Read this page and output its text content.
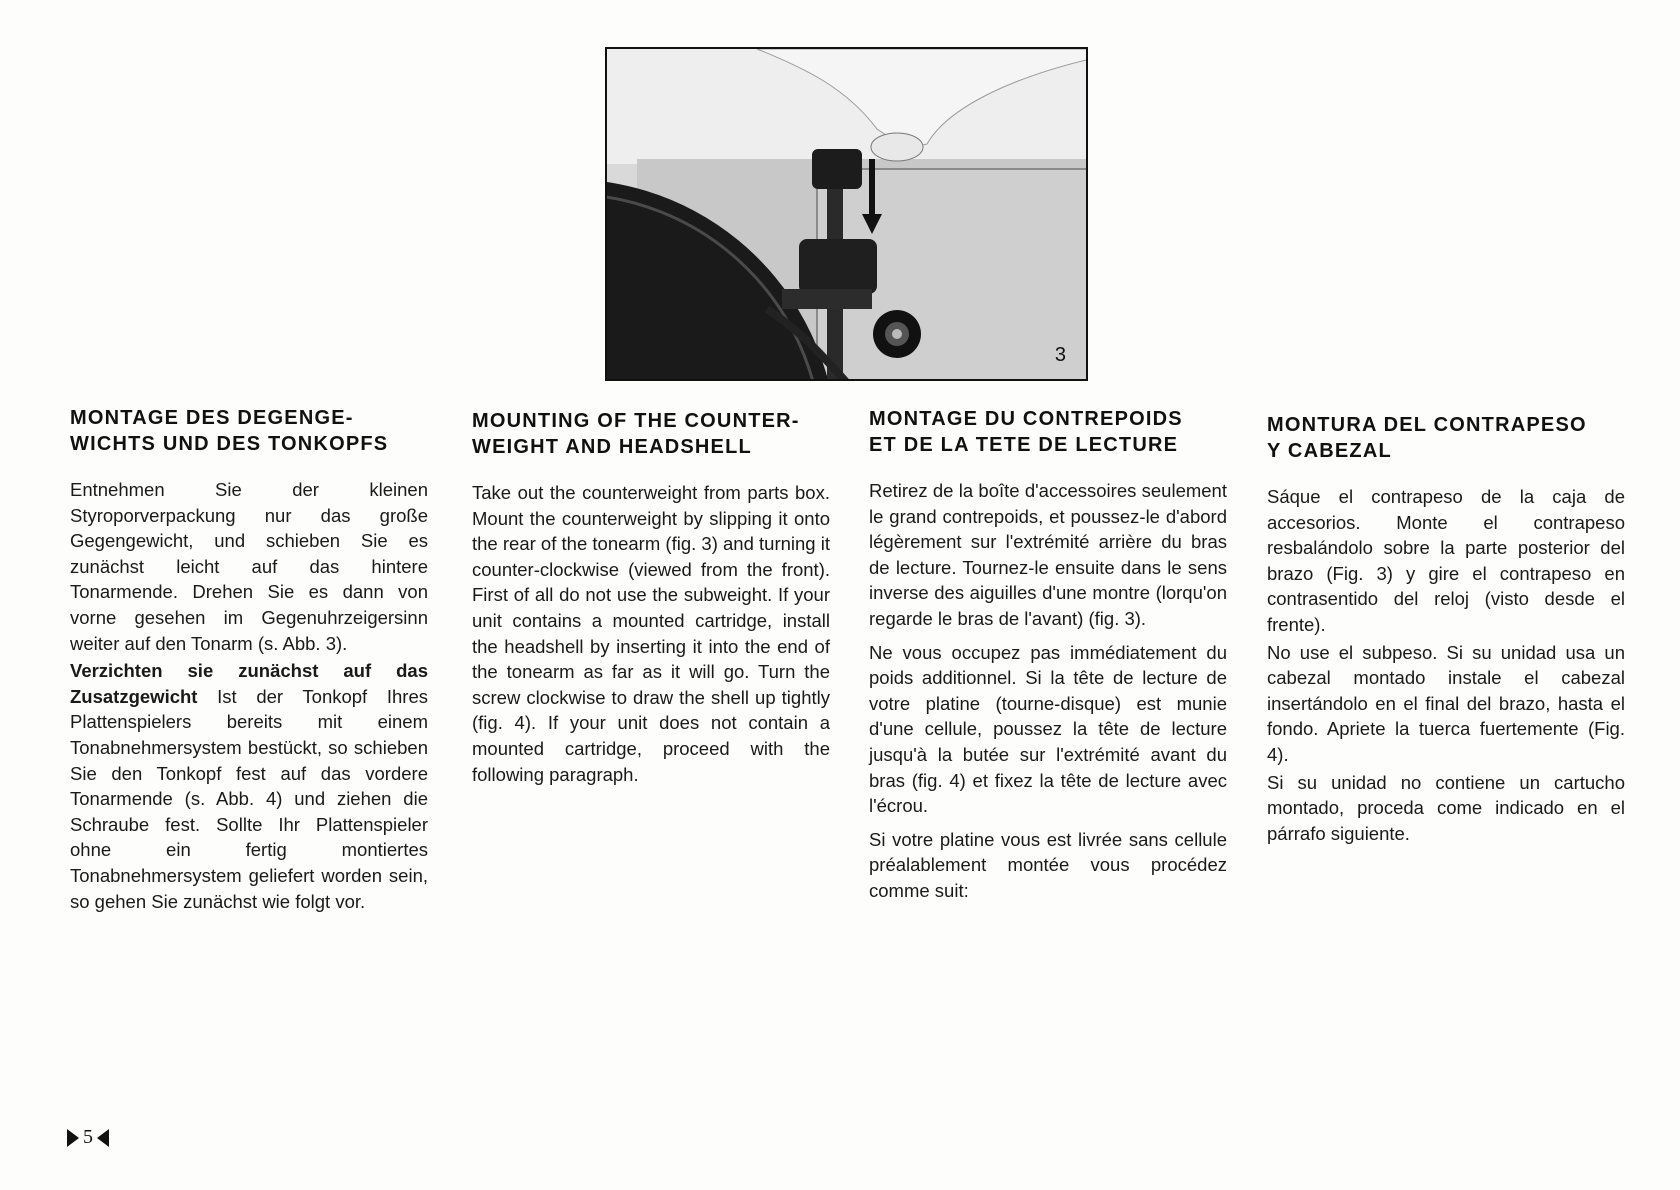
3
MONTAGE DES DEGENGE-
WICHTS UND DES TONKOPFS

Entnehmen Sie der kleinen Styroporverpackung nur das große Gegengewicht, und schieben Sie es zunächst leicht auf das hintere Tonarmende. Drehen Sie es dann von vorne gesehen im Gegenuhrzeigersinn weiter auf den Tonarm (s. Abb. 3).

Verzichten sie zunächst auf das Zusatzgewicht Ist der Tonkopf Ihres Plattenspielers bereits mit einem Tonabnehmersystem bestückt, so schieben Sie den Tonkopf fest auf das vordere Tonarmende (s. Abb. 4) und ziehen die Schraube fest. Sollte Ihr Plattenspieler ohne ein fertig montiertes Tonabnehmersystem geliefert worden sein, so gehen Sie zunächst wie folgt vor.

MOUNTING OF THE COUNTER-
WEIGHT AND HEADSHELL

Take out the counterweight from parts box. Mount the counterweight by slipping it onto the rear of the tonearm (fig. 3) and turning it counter-clockwise (viewed from the front). First of all do not use the subweight. If your unit contains a mounted cartridge, install the headshell by inserting it into the end of the tonearm as far as it will go. Turn the screw clockwise to draw the shell up tightly (fig. 4). If your unit does not contain a mounted cartridge, proceed with the following paragraph.

MONTAGE DU CONTREPOIDS
ET DE LA TETE DE LECTURE

Retirez de la boîte d'accessoires seulement le grand contrepoids, et poussez-le d'abord légèrement sur l'extrémité arrière du bras de lecture. Tournez-le ensuite dans le sens inverse des aiguilles d'une montre (lorqu'on regarde le bras de l'avant) (fig. 3).

Ne vous occupez pas immédiatement du poids additionnel. Si la tête de lecture de votre platine (tourne-disque) est munie d'une cellule, poussez la tête de lecture jusqu'à la butée sur l'extrémité avant du bras (fig. 4) et fixez la tête de lecture avec l'écrou.

Si votre platine vous est livrée sans cellule préalablement montée vous procédez comme suit:

MONTURA DEL CONTRAPESO
Y CABEZAL

Sáque el contrapeso de la caja de accesorios. Monte el contrapeso resbalándolo sobre la parte posterior del brazo (Fig. 3) y gire el contrapeso en contrasentido del reloj (visto desde el frente).

No use el subpeso. Si su unidad usa un cabezal montado instale el cabezal insertándolo en el final del brazo, hasta el fondo. Apriete la tuerca fuertemente (Fig. 4).

Si su unidad no contiene un cartucho montado, proceda come indicado en el párrafo siguiente.

5
